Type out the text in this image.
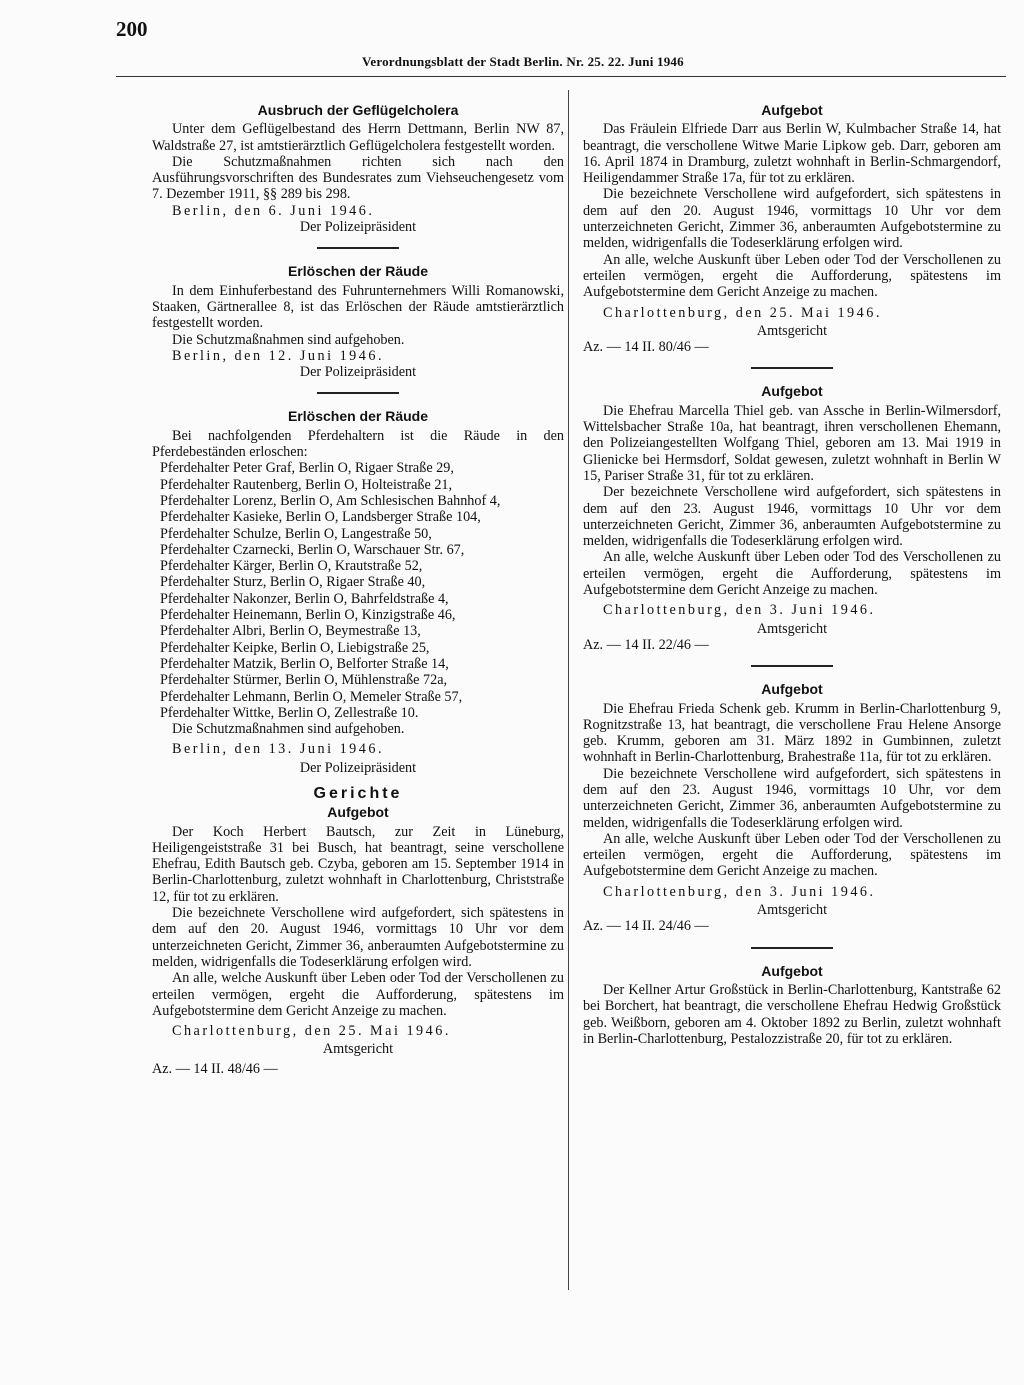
200
Verordnungsblatt der Stadt Berlin. Nr. 25. 22. Juni 1946
Ausbruch der Geflügelcholera

Unter dem Geflügelbestand des Herrn Dettmann, Berlin NW 87, Waldstraße 27, ist amtstierärztlich Geflügelcholera festgestellt worden.

Die Schutzmaßnahmen richten sich nach den Ausführungsvorschriften des Bundesrates zum Viehseuchengesetz vom 7. Dezember 1911, §§ 289 bis 298.

Berlin, den 6. Juni 1946.

Der Polizeipräsident

Erlöschen der Räude

In dem Einhuferbestand des Fuhrunternehmers Willi Romanowski, Staaken, Gärtnerallee 8, ist das Erlöschen der Räude amtstierärztlich festgestellt worden.

Die Schutzmaßnahmen sind aufgehoben.

Berlin, den 12. Juni 1946.

Der Polizeipräsident

Erlöschen der Räude

Bei nachfolgenden Pferdehaltern ist die Räude in den Pferdebeständen erloschen:

Pferdehalter Peter Graf, Berlin O, Rigaer Straße 29,
Pferdehalter Rautenberg, Berlin O, Holteistraße 21,
Pferdehalter Lorenz, Berlin O, Am Schlesischen Bahnhof 4,
Pferdehalter Kasieke, Berlin O, Landsberger Straße 104,
Pferdehalter Schulze, Berlin O, Langestraße 50,
Pferdehalter Czarnecki, Berlin O, Warschauer Str. 67,
Pferdehalter Kärger, Berlin O, Krautstraße 52,
Pferdehalter Sturz, Berlin O, Rigaer Straße 40,
Pferdehalter Nakonzer, Berlin O, Bahrfeldstraße 4,
Pferdehalter Heinemann, Berlin O, Kinzigstraße 46,
Pferdehalter Albri, Berlin O, Beymestraße 13,
Pferdehalter Keipke, Berlin O, Liebigstraße 25,
Pferdehalter Matzik, Berlin O, Belforter Straße 14,
Pferdehalter Stürmer, Berlin O, Mühlenstraße 72a,
Pferdehalter Lehmann, Berlin O, Memeler Straße 57,
Pferdehalter Wittke, Berlin O, Zellestraße 10.

Die Schutzmaßnahmen sind aufgehoben.

Berlin, den 13. Juni 1946.

Der Polizeipräsident

Gerichte
Aufgebot

Der Koch Herbert Bautsch, zur Zeit in Lüneburg, Heiligengeiststraße 31 bei Busch, hat beantragt, seine verschollene Ehefrau, Edith Bautsch geb. Czyba, geboren am 15. September 1914 in Berlin-Charlottenburg, zuletzt wohnhaft in Charlottenburg, Christstraße 12, für tot zu erklären.

Die bezeichnete Verschollene wird aufgefordert, sich spätestens in dem auf den 20. August 1946, vormittags 10 Uhr vor dem unterzeichneten Gericht, Zimmer 36, anberaumten Aufgebotstermine zu melden, widrigenfalls die Todeserklärung erfolgen wird.

An alle, welche Auskunft über Leben oder Tod der Verschollenen zu erteilen vermögen, ergeht die Aufforderung, spätestens im Aufgebotstermine dem Gericht Anzeige zu machen.

Charlottenburg, den 25. Mai 1946.

Amtsgericht

Az. — 14 II. 48/46 —

Aufgebot

Das Fräulein Elfriede Darr aus Berlin W, Kulmbacher Straße 14, hat beantragt, die verschollene Witwe Marie Lipkow geb. Darr, geboren am 16. April 1874 in Dramburg, zuletzt wohnhaft in Berlin-Schmargendorf, Heiligendammer Straße 17a, für tot zu erklären.

Die bezeichnete Verschollene wird aufgefordert, sich spätestens in dem auf den 20. August 1946, vormittags 10 Uhr vor dem unterzeichneten Gericht, Zimmer 36, anberaumten Aufgebotstermine zu melden, widrigenfalls die Todeserklärung erfolgen wird.

An alle, welche Auskunft über Leben oder Tod der Verschollenen zu erteilen vermögen, ergeht die Aufforderung, spätestens im Aufgebotstermine dem Gericht Anzeige zu machen.

Charlottenburg, den 25. Mai 1946.

Amtsgericht

Az. — 14 II. 80/46 —

Aufgebot

Die Ehefrau Marcella Thiel geb. van Assche in Berlin-Wilmersdorf, Wittelsbacher Straße 10a, hat beantragt, ihren verschollenen Ehemann, den Polizeiangestellten Wolfgang Thiel, geboren am 13. Mai 1919 in Glienicke bei Hermsdorf, Soldat gewesen, zuletzt wohnhaft in Berlin W 15, Pariser Straße 31, für tot zu erklären.

Der bezeichnete Verschollene wird aufgefordert, sich spätestens in dem auf den 23. August 1946, vormittags 10 Uhr vor dem unterzeichneten Gericht, Zimmer 36, anberaumten Aufgebotstermine zu melden, widrigenfalls die Todeserklärung erfolgen wird.

An alle, welche Auskunft über Leben oder Tod des Verschollenen zu erteilen vermögen, ergeht die Aufforderung, spätestens im Aufgebotstermine dem Gericht Anzeige zu machen.

Charlottenburg, den 3. Juni 1946.

Amtsgericht

Az. — 14 II. 22/46 —

Aufgebot

Die Ehefrau Frieda Schenk geb. Krumm in Berlin-Charlottenburg 9, Rognitzstraße 13, hat beantragt, die verschollene Frau Helene Ansorge geb. Krumm, geboren am 31. März 1892 in Gumbinnen, zuletzt wohnhaft in Berlin-Charlottenburg, Brahestraße 11a, für tot zu erklären.

Die bezeichnete Verschollene wird aufgefordert, sich spätestens in dem auf den 23. August 1946, vormittags 10 Uhr, vor dem unterzeichneten Gericht, Zimmer 36, anberaumten Aufgebotstermine zu melden, widrigenfalls die Todeserklärung erfolgen wird.

An alle, welche Auskunft über Leben oder Tod der Verschollenen zu erteilen vermögen, ergeht die Aufforderung, spätestens im Aufgebotstermine dem Gericht Anzeige zu machen.

Charlottenburg, den 3. Juni 1946.

Amtsgericht

Az. — 14 II. 24/46 —

Aufgebot

Der Kellner Artur Großstück in Berlin-Charlottenburg, Kantstraße 62 bei Borchert, hat beantragt, die verschollene Ehefrau Hedwig Großstück geb. Weißborn, geboren am 4. Oktober 1892 zu Berlin, zuletzt wohnhaft in Berlin-Charlottenburg, Pestalozzistraße 20, für tot zu erklären.
